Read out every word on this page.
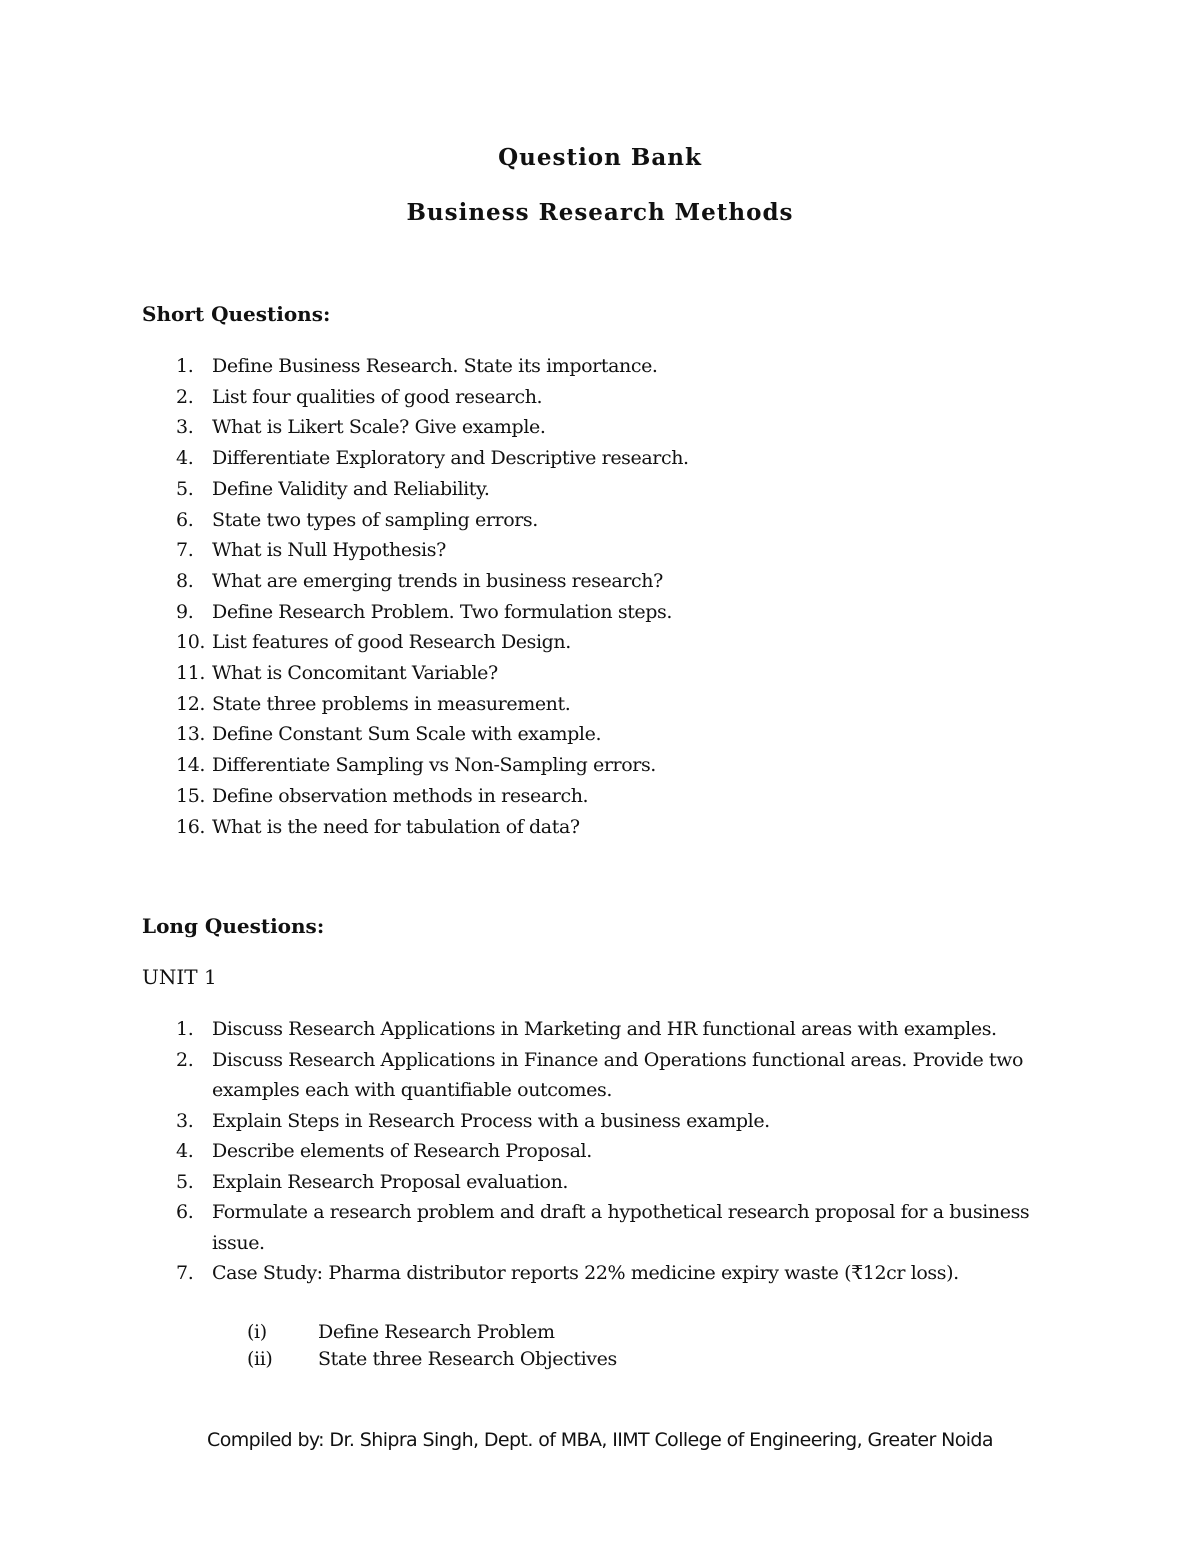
Question Bank
Business Research Methods
Short Questions:
1. Define Business Research. State its importance.
2. List four qualities of good research.
3. What is Likert Scale? Give example.
4. Differentiate Exploratory and Descriptive research.
5. Define Validity and Reliability.
6. State two types of sampling errors.
7. What is Null Hypothesis?
8. What are emerging trends in business research?
9. Define Research Problem. Two formulation steps.
10. List features of good Research Design.
11. What is Concomitant Variable?
12. State three problems in measurement.
13. Define Constant Sum Scale with example.
14. Differentiate Sampling vs Non-Sampling errors.
15. Define observation methods in research.
16. What is the need for tabulation of data?
Long Questions:
UNIT 1
1. Discuss Research Applications in Marketing and HR functional areas with examples.
2. Discuss Research Applications in Finance and Operations functional areas. Provide two examples each with quantifiable outcomes.
3. Explain Steps in Research Process with a business example.
4. Describe elements of Research Proposal.
5. Explain Research Proposal evaluation.
6. Formulate a research problem and draft a hypothetical research proposal for a business issue.
7. Case Study: Pharma distributor reports 22% medicine expiry waste (₹12cr loss).
(i)	Define Research Problem
(ii)	State three Research Objectives
Compiled by: Dr. Shipra Singh, Dept. of MBA, IIMT College of Engineering, Greater Noida
